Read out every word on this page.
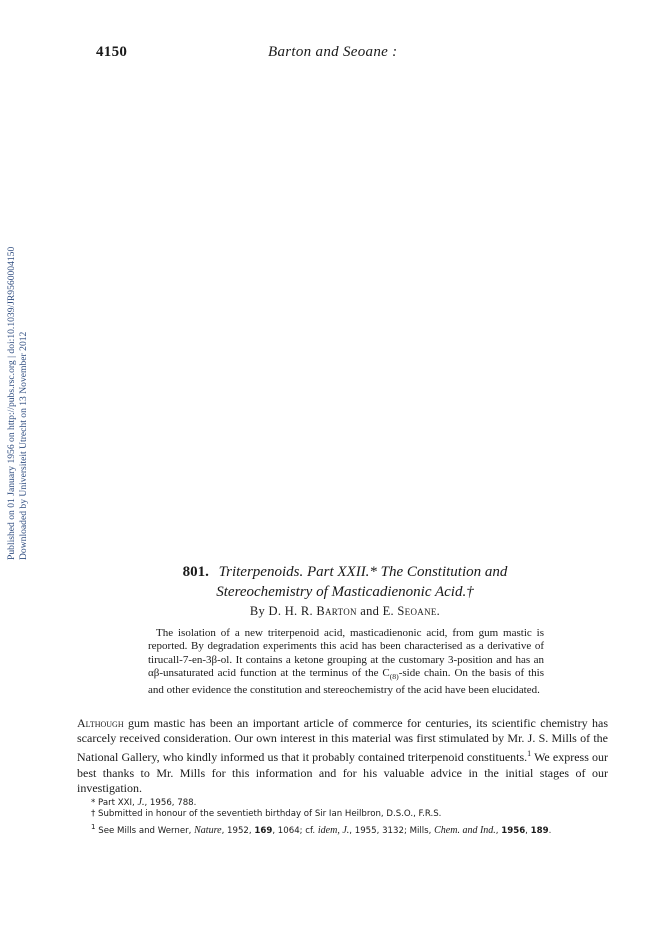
4150	Barton and Seoane :
Published on 01 January 1956 on http://pubs.rsc.org | doi:10.1039/JR9560004150 Downloaded by Universiteit Utrecht on 13 November 2012
801. Triterpenoids. Part XXII.* The Constitution and
Stereochemistry of Masticadienonic Acid.†
By D. H. R. Barton and E. Seoane.

The isolation of a new triterpenoid acid, masticadienonic acid, from gum mastic is reported. By degradation experiments this acid has been characterised as a derivative of tirucall-7-en-3β-ol. It contains a ketone grouping at the customary 3-position and has an αβ-unsaturated acid function at the terminus of the $C_{(8)}$-side chain. On the basis of this and other evidence the constitution and stereochemistry of the acid have been elucidated.

Although gum mastic has been an important article of commerce for centuries, its scientific chemistry has scarcely received consideration. Our own interest in this material was first stimulated by Mr. J. S. Mills of the National Gallery, who kindly informed us that it probably contained triterpenoid constituents.$^1$ We express our best thanks to Mr. Mills for this information and for his valuable advice in the initial stages of our investigation.

* Part XXI, J., 1956, 788.
† Submitted in honour of the seventieth birthday of Sir Ian Heilbron, D.S.O., F.R.S.
$^1$ See Mills and Werner, Nature, 1952, 169, 1064; cf. idem, J., 1955, 3132; Mills, Chem. and Ind., 1956, 189.
